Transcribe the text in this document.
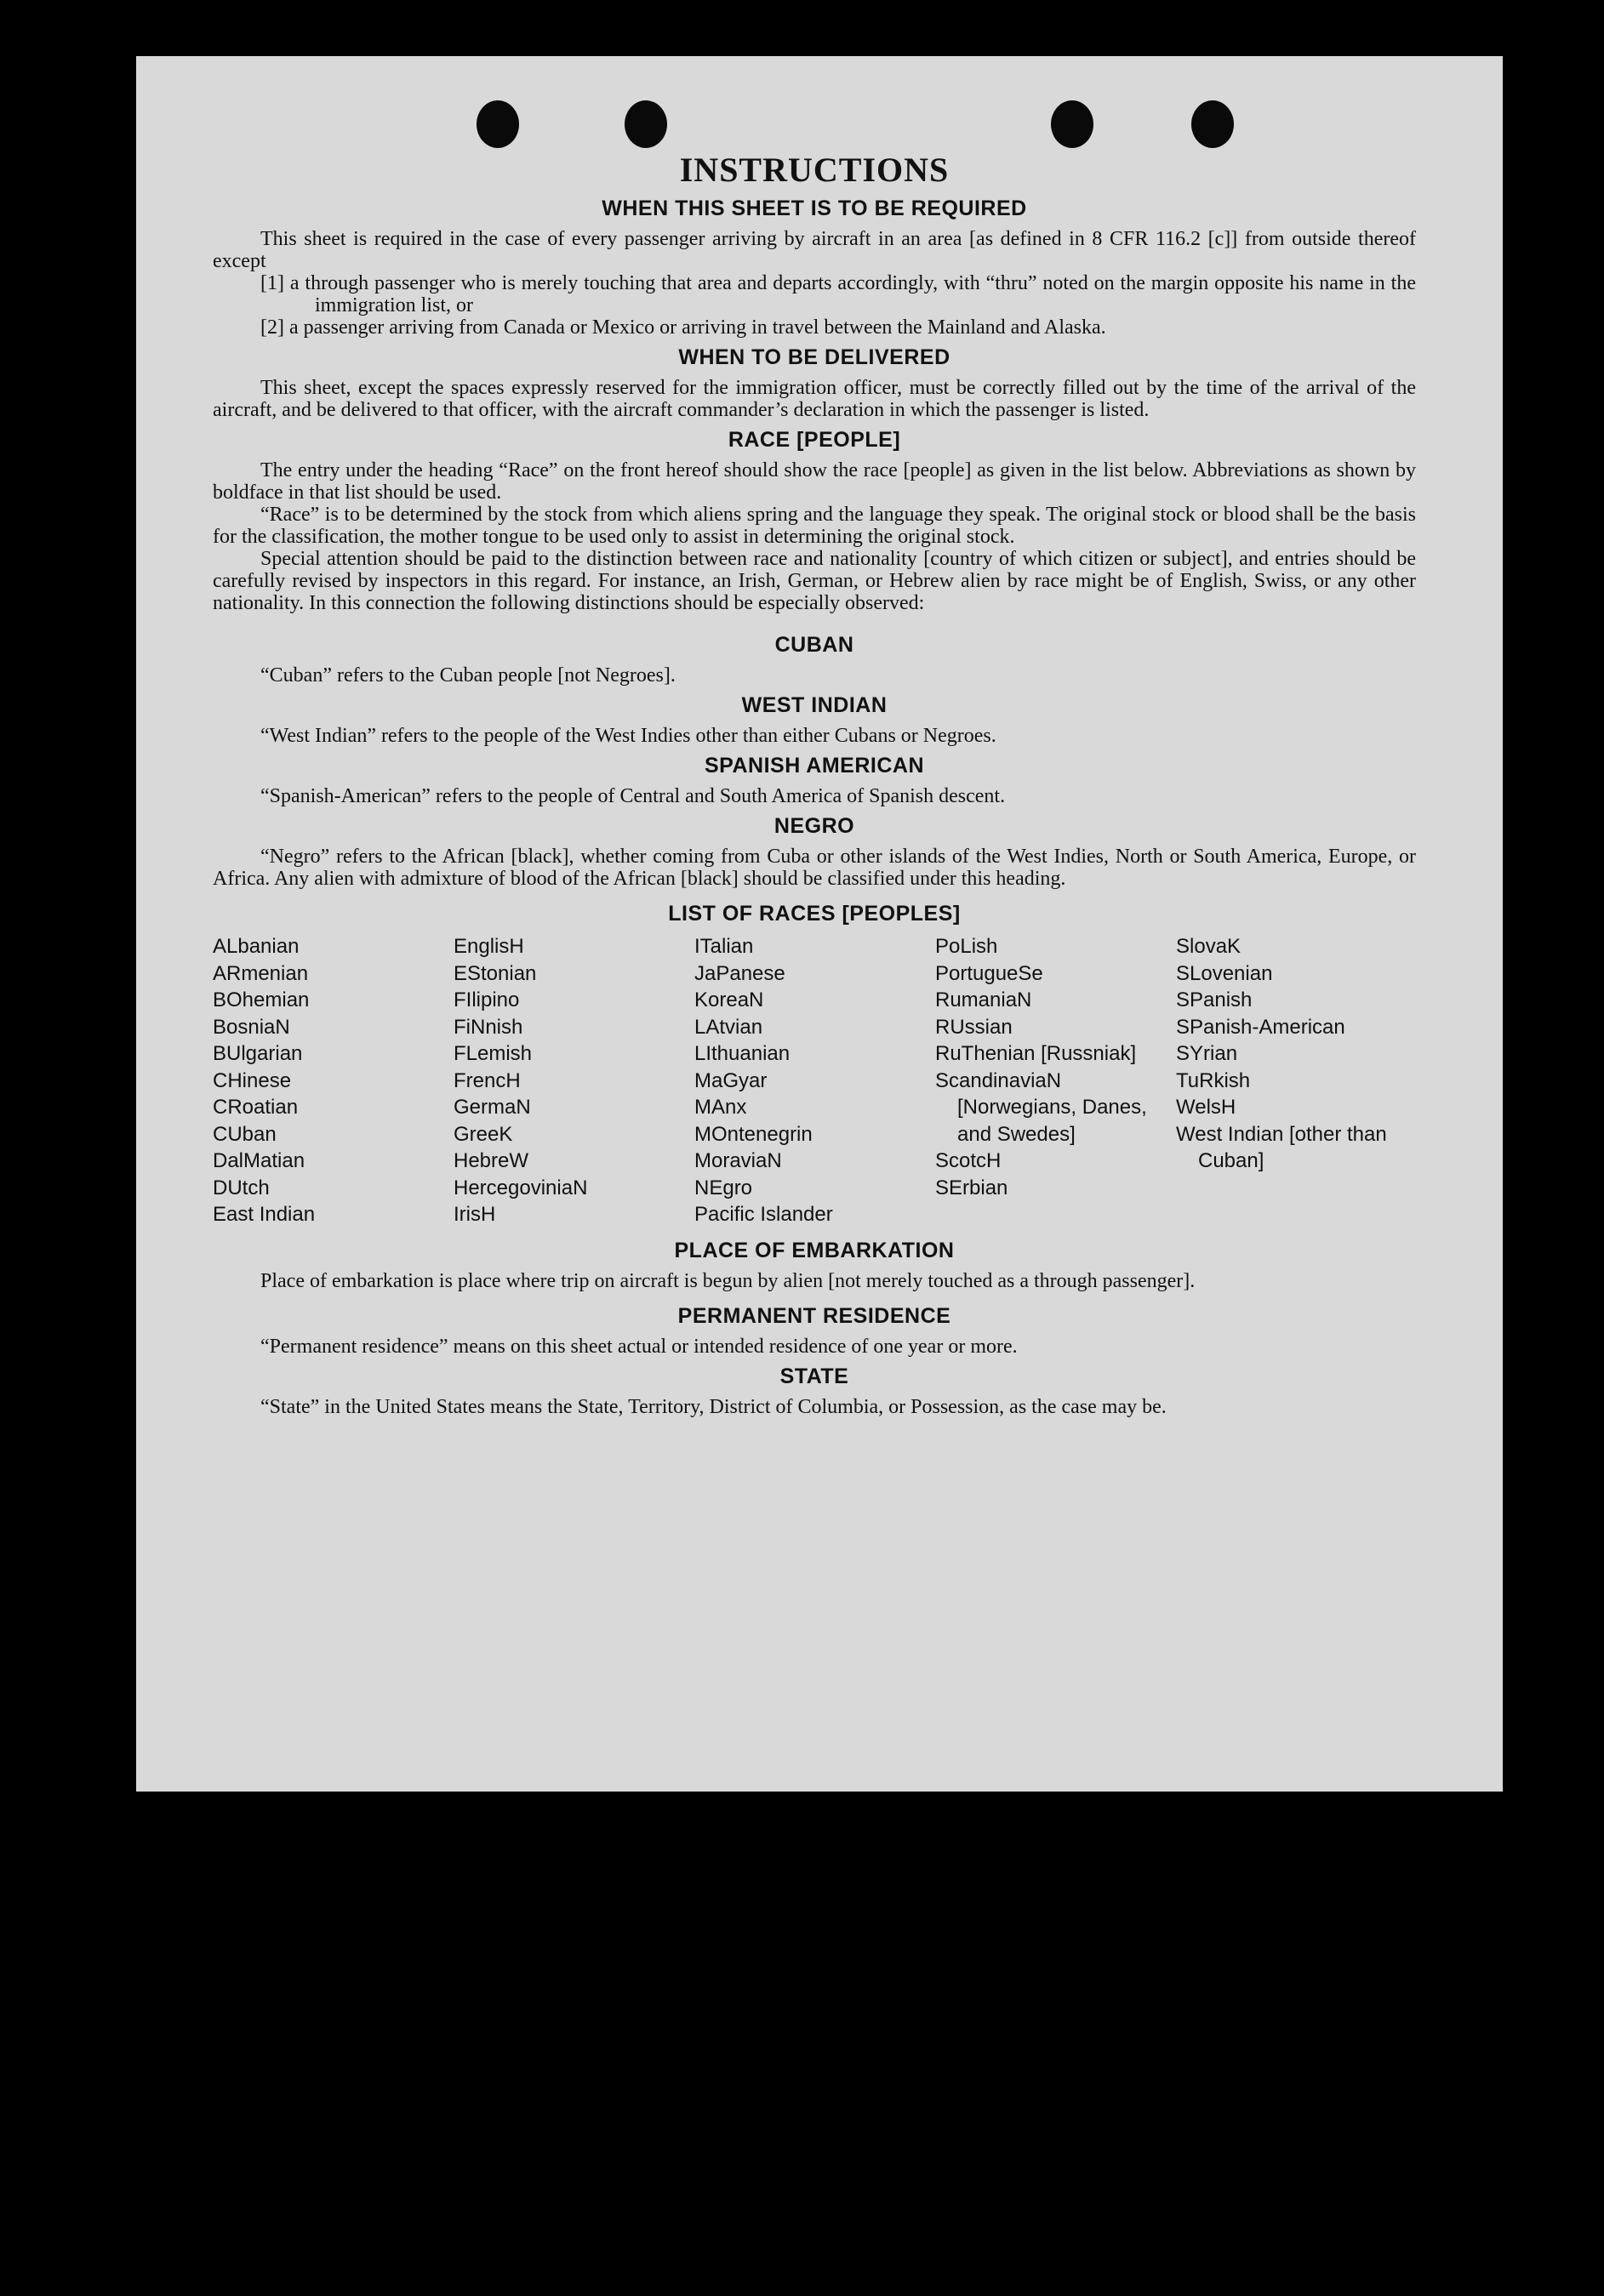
INSTRUCTIONS
WHEN THIS SHEET IS TO BE REQUIRED

This sheet is required in the case of every passenger arriving by aircraft in an area [as defined in 8 CFR 116.2 [c]] from outside thereof except

[1] a through passenger who is merely touching that area and departs accordingly, with “thru” noted on the margin opposite his name in the immigration list, or

[2] a passenger arriving from Canada or Mexico or arriving in travel between the Mainland and Alaska.

WHEN TO BE DELIVERED

This sheet, except the spaces expressly reserved for the immigration officer, must be correctly filled out by the time of the arrival of the aircraft, and be delivered to that officer, with the aircraft commander’s declaration in which the passenger is listed.

RACE [PEOPLE]

The entry under the heading “Race” on the front hereof should show the race [people] as given in the list below. Abbreviations as shown by boldface in that list should be used.

“Race” is to be determined by the stock from which aliens spring and the language they speak. The original stock or blood shall be the basis for the classification, the mother tongue to be used only to assist in determining the original stock.

Special attention should be paid to the distinction between race and nationality [country of which citizen or subject], and entries should be carefully revised by inspectors in this regard. For instance, an Irish, German, or Hebrew alien by race might be of English, Swiss, or any other nationality. In this connection the following distinctions should be especially observed:

CUBAN

“Cuban” refers to the Cuban people [not Negroes].

WEST INDIAN

“West Indian” refers to the people of the West Indies other than either Cubans or Negroes.

SPANISH AMERICAN

“Spanish-American” refers to the people of Central and South America of Spanish descent.

NEGRO

“Negro” refers to the African [black], whether coming from Cuba or other islands of the West Indies, North or South America, Europe, or Africa. Any alien with admixture of blood of the African [black] should be classified under this heading.

LIST OF RACES [PEOPLES]
ALbanian
ARmenian
BOhemian
BosniaN
BUlgarian
CHinese
CRoatian
CUban
DalMatian
DUtch
East Indian
EnglisH
EStonian
FIlipino
FiNnish
FLemish
FrencH
GermaN
GreeK
HebreW
HercegoviniaN
IrisH
ITalian
JaPanese
KoreaN
LAtvian
LIthuanian
MaGyar
MAnx
MOntenegrin
MoraviaN
NEgro
Pacific Islander
PoLish
PortugueSe
RumaniaN
RUssian
RuThenian [Russniak]
ScandinaviaN [Norwegians, Danes, and Swedes]
ScotcH
SErbian
SlovaK
SLovenian
SPanish
SPanish-American
SYrian
TuRkish
WelsH
West Indian [other than Cuban]
PLACE OF EMBARKATION

Place of embarkation is place where trip on aircraft is begun by alien [not merely touched as a through passenger].

PERMANENT RESIDENCE

“Permanent residence” means on this sheet actual or intended residence of one year or more.

STATE

“State” in the United States means the State, Territory, District of Columbia, or Possession, as the case may be.
